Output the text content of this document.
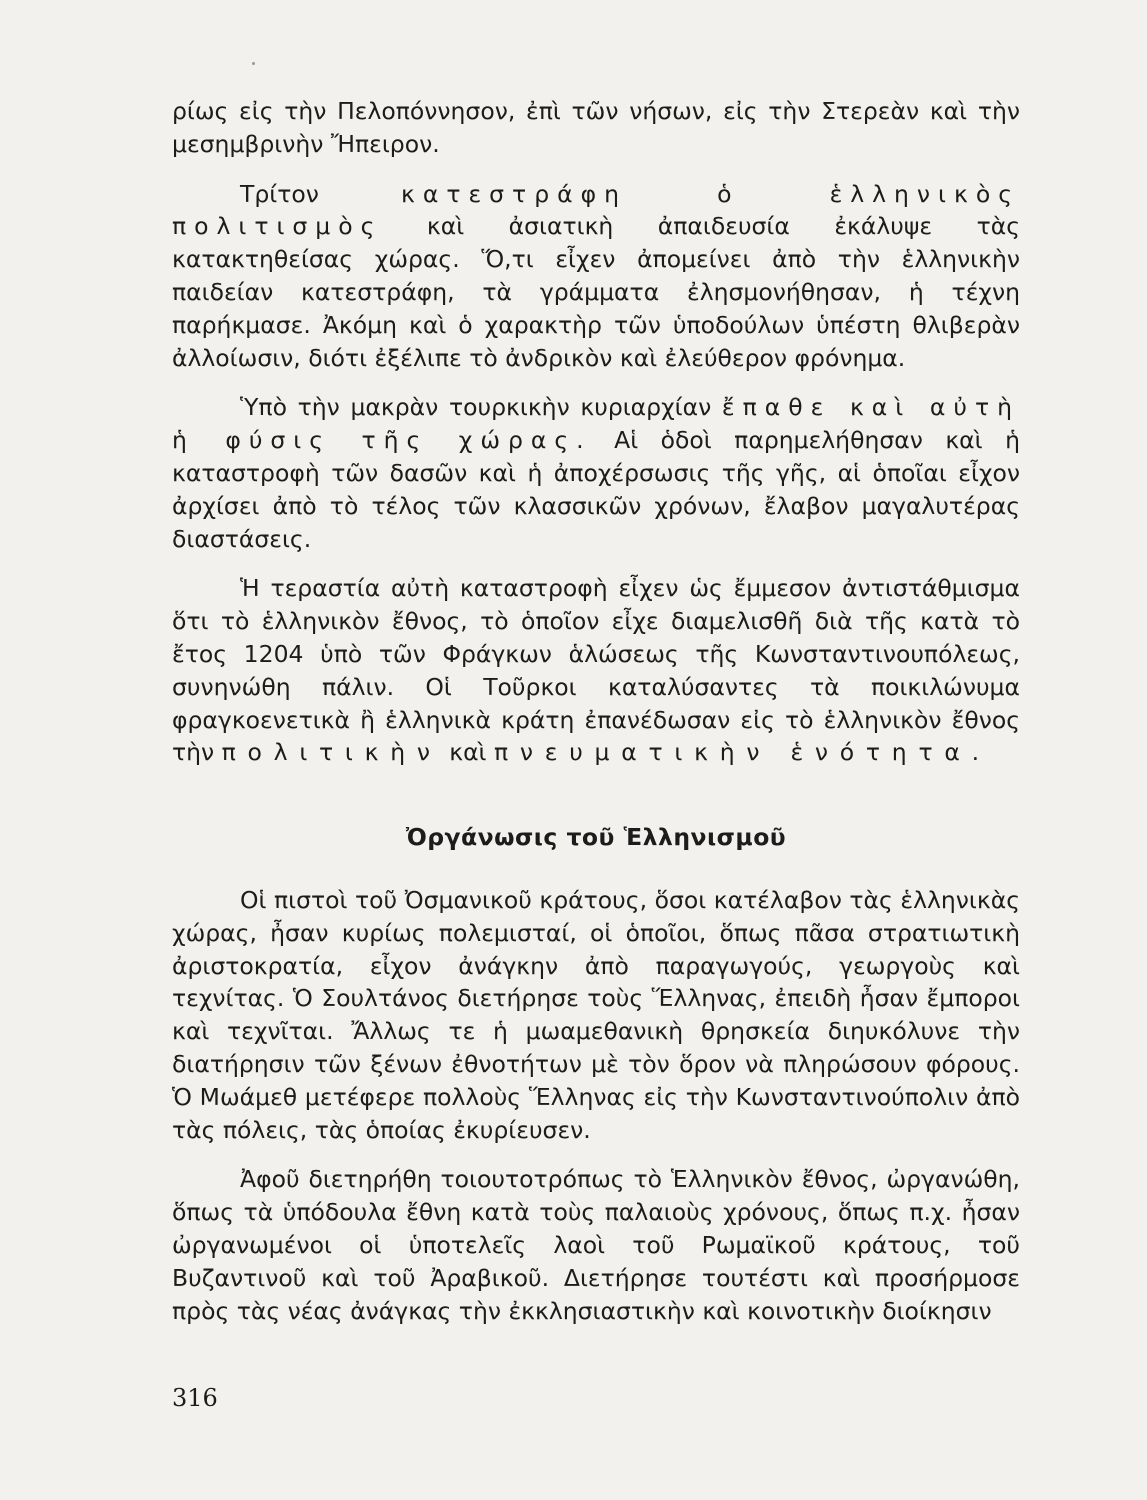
ρίως εἰς τὴν Πελοπόννησον, ἐπὶ τῶν νήσων, εἰς τὴν Στερεὰν καὶ τὴν μεσημβρινὴν Ἤπειρον.

Τρίτον κατεστράφη ὁ ἑλληνικὸς πολιτισμὸς καὶ ἀσιατικὴ ἀπαιδευσία ἐκάλυψε τὰς κατακτηθείσας χώρας. Ὅ,τι εἶχεν ἀπομείνει ἀπὸ τὴν ἑλληνικὴν παιδείαν κατεστράφη, τὰ γράμματα ἐλησμονήθησαν, ἡ τέχνη παρήκμασε. Ἀκόμη καὶ ὁ χαρακτὴρ τῶν ὑποδούλων ὑπέστη θλιβερὰν ἀλλοίωσιν, διότι ἐξέλιπε τὸ ἀνδρικὸν καὶ ἐλεύθερον φρόνημα.

Ὑπὸ τὴν μακρὰν τουρκικὴν κυριαρχίαν ἔπαθε καὶ αὐτὴ ἡ φύσις τῆς χώρας. Αἱ ὁδοὶ παρημελήθησαν καὶ ἡ καταστροφὴ τῶν δασῶν καὶ ἡ ἀποχέρσωσις τῆς γῆς, αἱ ὁποῖαι εἶχον ἀρχίσει ἀπὸ τὸ τέλος τῶν κλασσικῶν χρόνων, ἔλαβον μαγαλυτέρας διαστάσεις.

Ἡ τεραστία αὐτὴ καταστροφὴ εἶχεν ὡς ἔμμεσον ἀντιστάθμισμα ὅτι τὸ ἑλληνικὸν ἔθνος, τὸ ὁποῖον εἶχε διαμελισθῆ διὰ τῆς κατὰ τὸ ἔτος 1204 ὑπὸ τῶν Φράγκων ἁλώσεως τῆς Κωνσταντινουπόλεως, συνηνώθη πάλιν. Οἱ Τοῦρκοι καταλύσαντες τὰ ποικιλώνυμα φραγκοενετικὰ ἢ ἑλληνικὰ κράτη ἐπανέδωσαν εἰς τὸ ἑλληνικὸν ἔθνος τὴν πολιτικὴν καὶ πνευματικὴν ἑνότητα.

Ὀργάνωσις τοῦ Ἑλληνισμοῦ

Οἱ πιστοὶ τοῦ Ὀσμανικοῦ κράτους, ὅσοι κατέλαβον τὰς ἑλληνικὰς χώρας, ἦσαν κυρίως πολεμισταί, οἱ ὁποῖοι, ὅπως πᾶσα στρατιωτικὴ ἀριστοκρατία, εἶχον ἀνάγκην ἀπὸ παραγωγούς, γεωργοὺς καὶ τεχνίτας. Ὁ Σουλτάνος διετήρησε τοὺς Ἕλληνας, ἐπειδὴ ἦσαν ἔμποροι καὶ τεχνῖται. Ἄλλως τε ἡ μωαμεθανικὴ θρησκεία διηυκόλυνε τὴν διατήρησιν τῶν ξένων ἐθνοτήτων μὲ τὸν ὅρον νὰ πληρώσουν φόρους. Ὁ Μωάμεθ μετέφερε πολλοὺς Ἕλληνας εἰς τὴν Κωνσταντινούπολιν ἀπὸ τὰς πόλεις, τὰς ὁποίας ἐκυρίευσεν.

Ἀφοῦ διετηρήθη τοιουτοτρόπως τὸ Ἑλληνικὸν ἔθνος, ὠργανώθη, ὅπως τὰ ὑπόδουλα ἔθνη κατὰ τοὺς παλαιοὺς χρόνους, ὅπως π.χ. ἦσαν ὠργανωμένοι οἱ ὑποτελεῖς λαοὶ τοῦ Ρωμαϊκοῦ κράτους, τοῦ Βυζαντινοῦ καὶ τοῦ Ἀραβικοῦ. Διετήρησε τουτέστι καὶ προσήρμοσε πρὸς τὰς νέας ἀνάγκας τὴν ἐκκλησιαστικὴν καὶ κοινοτικὴν διοίκησιν

316
